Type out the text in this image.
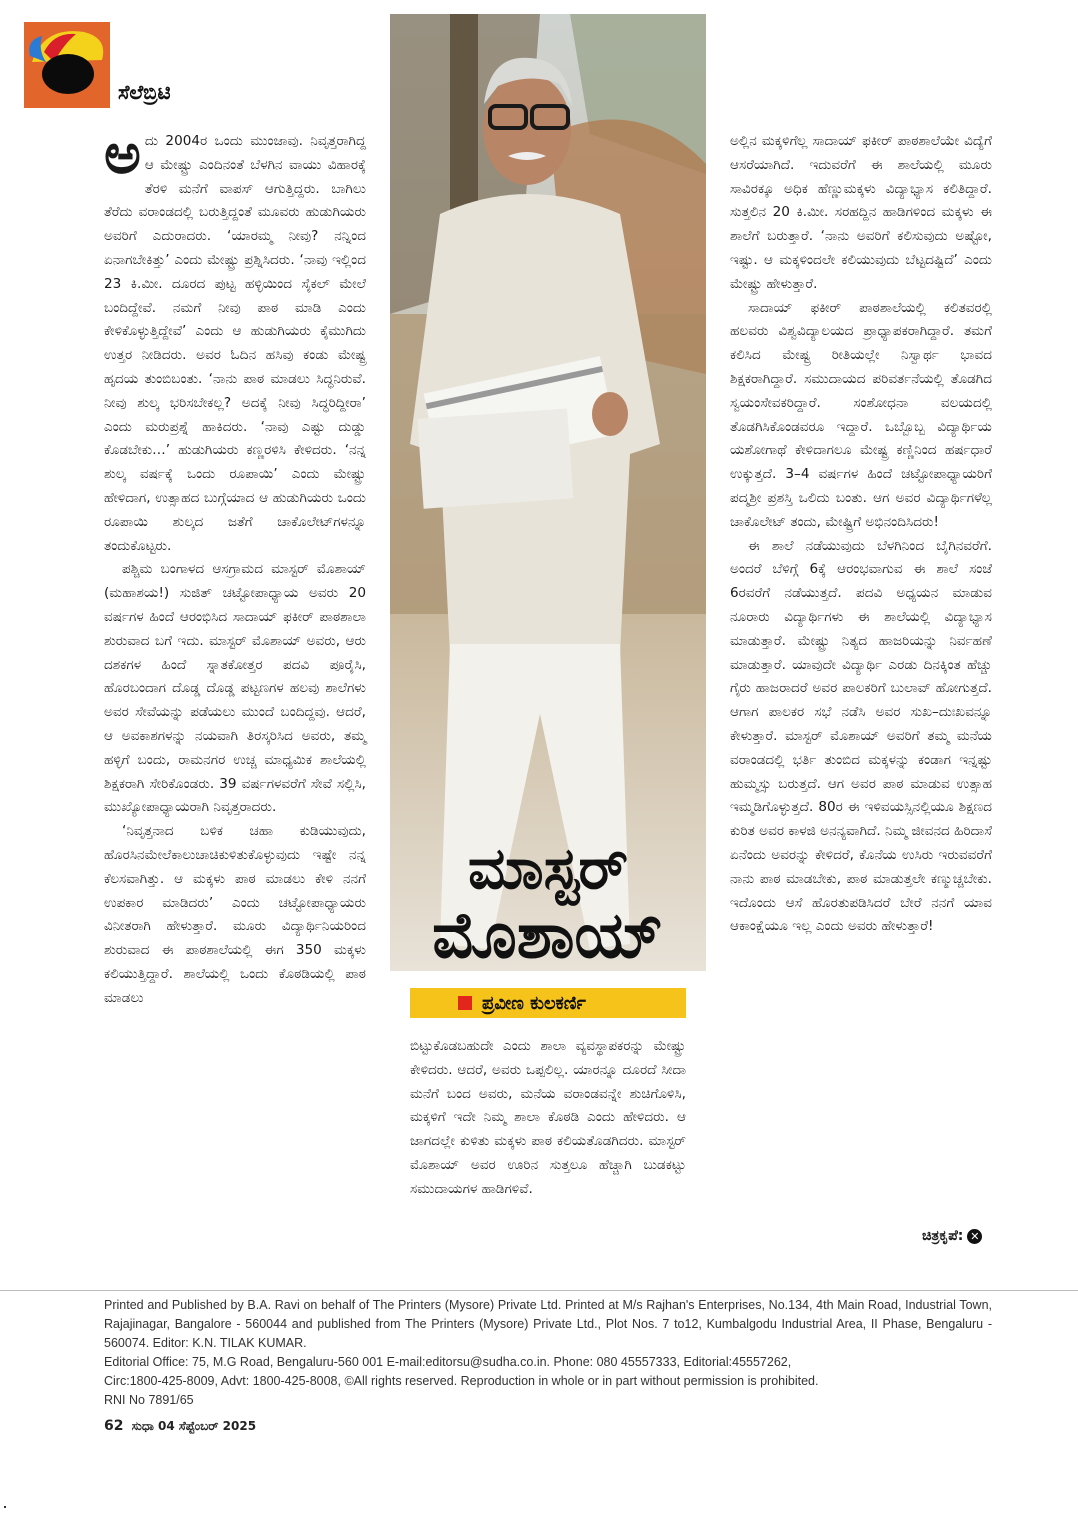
ಸೆಲೆಬ್ರಿಟಿ

ಅದು 2004ರ ಒಂದು ಮುಂಜಾವು. ನಿವೃತ್ತರಾಗಿದ್ದ ಆ ಮೇಷ್ಟ್ರು ಎಂದಿನಂತೆ ಬೆಳಗಿನ ವಾಯು ವಿಹಾರಕ್ಕೆ ತೆರಳಿ ಮನೆಗೆ ವಾಪಸ್ ಆಗುತ್ತಿದ್ದರು. ಬಾಗಿಲು ತೆರೆದು ವರಾಂಡದಲ್ಲಿ ಬರುತ್ತಿದ್ದಂತೆ ಮೂವರು ಹುಡುಗಿಯರು ಅವರಿಗೆ ಎದುರಾದರು. ‘ಯಾರಮ್ಮ ನೀವು? ನನ್ನಿಂದ ಏನಾಗಬೇಕಿತ್ತು’ ಎಂದು ಮೇಷ್ಟ್ರು ಪ್ರಶ್ನಿಸಿದರು. ‘ನಾವು ಇಲ್ಲಿಂದ 23 ಕಿ.ಮೀ. ದೂರದ ಪುಟ್ಟ ಹಳ್ಳಿಯಿಂದ ಸೈಕಲ್ ಮೇಲೆ ಬಂದಿದ್ದೇವೆ. ನಮಗೆ ನೀವು ಪಾಠ ಮಾಡಿ ಎಂದು ಕೇಳಿಕೊಳ್ಳುತ್ತಿದ್ದೇವೆ’ ಎಂದು ಆ ಹುಡುಗಿಯರು ಕೈಮುಗಿದು ಉತ್ತರ ನೀಡಿದರು. ಅವರ ಓದಿನ ಹಸಿವು ಕಂಡು ಮೇಷ್ಟ್ರ ಹೃದಯ ತುಂಬಿಬಂತು. ‘ನಾನು ಪಾಠ ಮಾಡಲು ಸಿದ್ಧನಿರುವೆ. ನೀವು ಶುಲ್ಕ ಭರಿಸಬೇಕಲ್ಲ? ಅದಕ್ಕೆ ನೀವು ಸಿದ್ಧರಿದ್ದೀರಾ’ ಎಂದು ಮರುಪ್ರಶ್ನೆ ಹಾಕಿದರು. ‘ನಾವು ಎಷ್ಟು ದುಡ್ಡು ಕೊಡಬೇಕು…’ ಹುಡುಗಿಯರು ಕಣ್ಣರಳಿಸಿ ಕೇಳಿದರು. ‘ನನ್ನ ಶುಲ್ಕ ವರ್ಷಕ್ಕೆ ಒಂದು ರೂಪಾಯಿ’ ಎಂದು ಮೇಷ್ಟ್ರು ಹೇಳಿದಾಗ, ಉತ್ಸಾಹದ ಬುಗ್ಗೆಯಾದ ಆ ಹುಡುಗಿಯರು ಒಂದು ರೂಪಾಯಿ ಶುಲ್ಕದ ಜತೆಗೆ ಚಾಕೊಲೇಟ್‌ಗಳನ್ನೂ ತಂದುಕೊಟ್ಟರು.

ಪಶ್ಚಿಮ ಬಂಗಾಳದ ಆಸಗ್ರಾಮದ ಮಾಸ್ಟರ್ ಮೊಶಾಯ್ (ಮಹಾಶಯ!) ಸುಜಿತ್ ಚಟ್ಟೋಪಾಧ್ಯಾಯ ಅವರು 20 ವರ್ಷಗಳ ಹಿಂದೆ ಆರಂಭಿಸಿದ ಸಾದಾಯ್ ಫಕೀರ್ ಪಾಠಶಾಲಾ ಶುರುವಾದ ಬಗೆ ಇದು. ಮಾಸ್ಟರ್ ಮೊಶಾಯ್ ಅವರು, ಆರು ದಶಕಗಳ ಹಿಂದೆ ಸ್ನಾತಕೋತ್ತರ ಪದವಿ ಪೂರೈಸಿ, ಹೊರಬಂದಾಗ ದೊಡ್ಡ ದೊಡ್ಡ ಪಟ್ಟಣಗಳ ಹಲವು ಶಾಲೆಗಳು ಅವರ ಸೇವೆಯನ್ನು ಪಡೆಯಲು ಮುಂದೆ ಬಂದಿದ್ದವು. ಆದರೆ, ಆ ಅವಕಾಶಗಳನ್ನು ನಯವಾಗಿ ತಿರಸ್ಕರಿಸಿದ ಅವರು, ತಮ್ಮ ಹಳ್ಳಿಗೆ ಬಂದು, ರಾಮನಗರ ಉಚ್ಚ ಮಾಧ್ಯಮಿಕ ಶಾಲೆಯಲ್ಲಿ ಶಿಕ್ಷಕರಾಗಿ ಸೇರಿಕೊಂಡರು. 39 ವರ್ಷಗಳವರೆಗೆ ಸೇವೆ ಸಲ್ಲಿಸಿ, ಮುಖ್ಯೋಪಾಧ್ಯಾಯರಾಗಿ ನಿವೃತ್ತರಾದರು.

‘ನಿವೃತ್ತನಾದ ಬಳಿಕ ಚಹಾ ಕುಡಿಯುವುದು, ಹೊರಸಿನಮೇಲೆಕಾಲುಚಾಚಿಕುಳಿತುಕೊಳ್ಳುವುದು ಇಷ್ಟೇ ನನ್ನ ಕೆಲಸವಾಗಿತ್ತು. ಆ ಮಕ್ಕಳು ಪಾಠ ಮಾಡಲು ಕೇಳಿ ನನಗೆ ಉಪಕಾರ ಮಾಡಿದರು’ ಎಂದು ಚಟ್ಟೋಪಾಧ್ಯಾಯರು ವಿನೀತರಾಗಿ ಹೇಳುತ್ತಾರೆ. ಮೂರು ವಿದ್ಯಾರ್ಥಿನಿಯರಿಂದ ಶುರುವಾದ ಈ ಪಾಠಶಾಲೆಯಲ್ಲಿ ಈಗ 350 ಮಕ್ಕಳು ಕಲಿಯುತ್ತಿದ್ದಾರೆ. ಶಾಲೆಯಲ್ಲಿ ಒಂದು ಕೊಠಡಿಯಲ್ಲಿ ಪಾಠ ಮಾಡಲು

ಮಾಸ್ಟರ್
ಮೊಶಾಯ್
ಪ್ರವೀಣ ಕುಲಕರ್ಣಿ

ಬಿಟ್ಟುಕೊಡಬಹುದೇ ಎಂದು ಶಾಲಾ ವ್ಯವಸ್ಥಾಪಕರನ್ನು ಮೇಷ್ಟ್ರು ಕೇಳಿದರು. ಆದರೆ, ಅವರು ಒಪ್ಪಲಿಲ್ಲ. ಯಾರನ್ನೂ ದೂರದೆ ಸೀದಾ ಮನೆಗೆ ಬಂದ ಅವರು, ಮನೆಯ ವರಾಂಡವನ್ನೇ ಶುಚಿಗೊಳಿಸಿ, ಮಕ್ಕಳಿಗೆ ಇದೇ ನಿಮ್ಮ ಶಾಲಾ ಕೊಠಡಿ ಎಂದು ಹೇಳಿದರು. ಆ ಜಾಗದಲ್ಲೇ ಕುಳಿತು ಮಕ್ಕಳು ಪಾಠ ಕಲಿಯತೊಡಗಿದರು. ಮಾಸ್ಟರ್ ಮೊಶಾಯ್ ಅವರ ಊರಿನ ಸುತ್ತಲೂ ಹೆಚ್ಚಾಗಿ ಬುಡಕಟ್ಟು ಸಮುದಾಯಗಳ ಹಾಡಿಗಳಿವೆ.

ಅಲ್ಲಿನ ಮಕ್ಕಳಿಗೆಲ್ಲ ಸಾದಾಯ್ ಫಕೀರ್ ಪಾಠಶಾಲೆಯೇ ವಿದ್ಯೆಗೆ ಆಸರೆಯಾಗಿದೆ. ಇದುವರೆಗೆ ಈ ಶಾಲೆಯಲ್ಲಿ ಮೂರು ಸಾವಿರಕ್ಕೂ ಅಧಿಕ ಹೆಣ್ಣುಮಕ್ಕಳು ವಿದ್ಯಾಭ್ಯಾಸ ಕಲಿತಿದ್ದಾರೆ. ಸುತ್ತಲಿನ 20 ಕಿ.ಮೀ. ಸರಹದ್ದಿನ ಹಾಡಿಗಳಿಂದ ಮಕ್ಕಳು ಈ ಶಾಲೆಗೆ ಬರುತ್ತಾರೆ. ‘ನಾನು ಅವರಿಗೆ ಕಲಿಸುವುದು ಅಷ್ಟೋ, ಇಷ್ಟು. ಆ ಮಕ್ಕಳಿಂದಲೇ ಕಲಿಯುವುದು ಬೆಟ್ಟದಷ್ಟಿದೆ’ ಎಂದು ಮೇಷ್ಟ್ರು ಹೇಳುತ್ತಾರೆ.

ಸಾದಾಯ್ ಫಕೀರ್ ಪಾಠಶಾಲೆಯಲ್ಲಿ ಕಲಿತವರಲ್ಲಿ ಹಲವರು ವಿಶ್ವವಿದ್ಯಾಲಯದ ಪ್ರಾಧ್ಯಾಪಕರಾಗಿದ್ದಾರೆ. ತಮಗೆ ಕಲಿಸಿದ ಮೇಷ್ಟ್ರ ರೀತಿಯಲ್ಲೇ ನಿಸ್ವಾರ್ಥ ಭಾವದ ಶಿಕ್ಷಕರಾಗಿದ್ದಾರೆ. ಸಮುದಾಯದ ಪರಿವರ್ತನೆಯಲ್ಲಿ ತೊಡಗಿದ ಸ್ವಯಂಸೇವಕರಿದ್ದಾರೆ. ಸಂಶೋಧನಾ ವಲಯದಲ್ಲಿ ತೊಡಗಿಸಿಕೊಂಡವರೂ ಇದ್ದಾರೆ. ಒಬ್ಬೊಬ್ಬ ವಿದ್ಯಾರ್ಥಿಯ ಯಶೋಗಾಥೆ ಕೇಳಿದಾಗಲೂ ಮೇಷ್ಟ್ರ ಕಣ್ಣಿನಿಂದ ಹರ್ಷಧಾರೆ ಉಕ್ಕುತ್ತದೆ. 3–4 ವರ್ಷಗಳ ಹಿಂದೆ ಚಟ್ಟೋಪಾಧ್ಯಾಯರಿಗೆ ಪದ್ಮಶ್ರೀ ಪ್ರಶಸ್ತಿ ಒಲಿದು ಬಂತು. ಆಗ ಅವರ ವಿದ್ಯಾರ್ಥಿಗಳೆಲ್ಲ ಚಾಕೊಲೇಟ್ ತಂದು, ಮೇಷ್ಟ್ರಿಗೆ ಅಭಿನಂದಿಸಿದರು!

ಈ ಶಾಲೆ ನಡೆಯುವುದು ಬೆಳಗಿನಿಂದ ಬೈಗಿನವರೆಗೆ. ಅಂದರೆ ಬೆಳಿಗ್ಗೆ 6ಕ್ಕೆ ಆರಂಭವಾಗುವ ಈ ಶಾಲೆ ಸಂಜೆ 6ರವರೆಗೆ ನಡೆಯುತ್ತದೆ. ಪದವಿ ಅಧ್ಯಯನ ಮಾಡುವ ನೂರಾರು ವಿದ್ಯಾರ್ಥಿಗಳು ಈ ಶಾಲೆಯಲ್ಲಿ ವಿದ್ಯಾಭ್ಯಾಸ ಮಾಡುತ್ತಾರೆ. ಮೇಷ್ಟ್ರು ನಿತ್ಯದ ಹಾಜರಿಯನ್ನು ನಿರ್ವಹಣೆ ಮಾಡುತ್ತಾರೆ. ಯಾವುದೇ ವಿದ್ಯಾರ್ಥಿ ಎರಡು ದಿನಕ್ಕಿಂತ ಹೆಚ್ಚು ಗೈರು ಹಾಜರಾದರೆ ಅವರ ಪಾಲಕರಿಗೆ ಬುಲಾವ್ ಹೋಗುತ್ತದೆ. ಆಗಾಗ ಪಾಲಕರ ಸಭೆ ನಡೆಸಿ ಅವರ ಸುಖ–ದುಃಖವನ್ನೂ ಕೇಳುತ್ತಾರೆ. ಮಾಸ್ಟರ್ ಮೊಶಾಯ್ ಅವರಿಗೆ ತಮ್ಮ ಮನೆಯ ವರಾಂಡದಲ್ಲಿ ಭರ್ತಿ ತುಂಬಿದ ಮಕ್ಕಳನ್ನು ಕಂಡಾಗ ಇನ್ನಷ್ಟು ಹುಮ್ಮಸ್ಸು ಬರುತ್ತದೆ. ಆಗ ಅವರ ಪಾಠ ಮಾಡುವ ಉತ್ಸಾಹ ಇಮ್ಮಡಿಗೊಳ್ಳುತ್ತದೆ. 80ರ ಈ ಇಳಿವಯಸ್ಸಿನಲ್ಲಿಯೂ ಶಿಕ್ಷಣದ ಕುರಿತ ಅವರ ಕಾಳಜಿ ಅನನ್ಯವಾಗಿದೆ. ನಿಮ್ಮ ಜೀವನದ ಹಿರಿದಾಸೆ ಏನೆಂದು ಅವರನ್ನು ಕೇಳಿದರೆ, ಕೊನೆಯ ಉಸಿರು ಇರುವವರೆಗೆ ನಾನು ಪಾಠ ಮಾಡಬೇಕು, ಪಾಠ ಮಾಡುತ್ತಲೇ ಕಣ್ಮುಚ್ಚಬೇಕು. ಇದೊಂದು ಆಸೆ ಹೊರತುಪಡಿಸಿದರೆ ಬೇರೆ ನನಗೆ ಯಾವ ಆಕಾಂಕ್ಷೆಯೂ ಇಲ್ಲ ಎಂದು ಅವರು ಹೇಳುತ್ತಾರೆ!

ಚಿತ್ರಕೃಪೆ: ✕
Printed and Published by B.A. Ravi on behalf of The Printers (Mysore) Private Ltd. Printed at M/s Rajhan's Enterprises, No.134, 4th Main Road, Industrial Town, Rajajinagar, Bangalore - 560044 and published from The Printers (Mysore) Private Ltd., Plot Nos. 7 to12, Kumbalgodu Industrial Area, II Phase, Bengaluru - 560074. Editor: K.N. TILAK KUMAR.
Editorial Office: 75, M.G Road, Bengaluru-560 001 E-mail:editorsu@sudha.co.in. Phone: 080 45557333, Editorial:45557262,
Circ:1800-425-8009, Advt: 1800-425-8008, ©All rights reserved. Reproduction in whole or in part without permission is prohibited.
RNI No 7891/65
62 ಸುಧಾ 04 ಸೆಪ್ಟೆಂಬರ್ 2025
